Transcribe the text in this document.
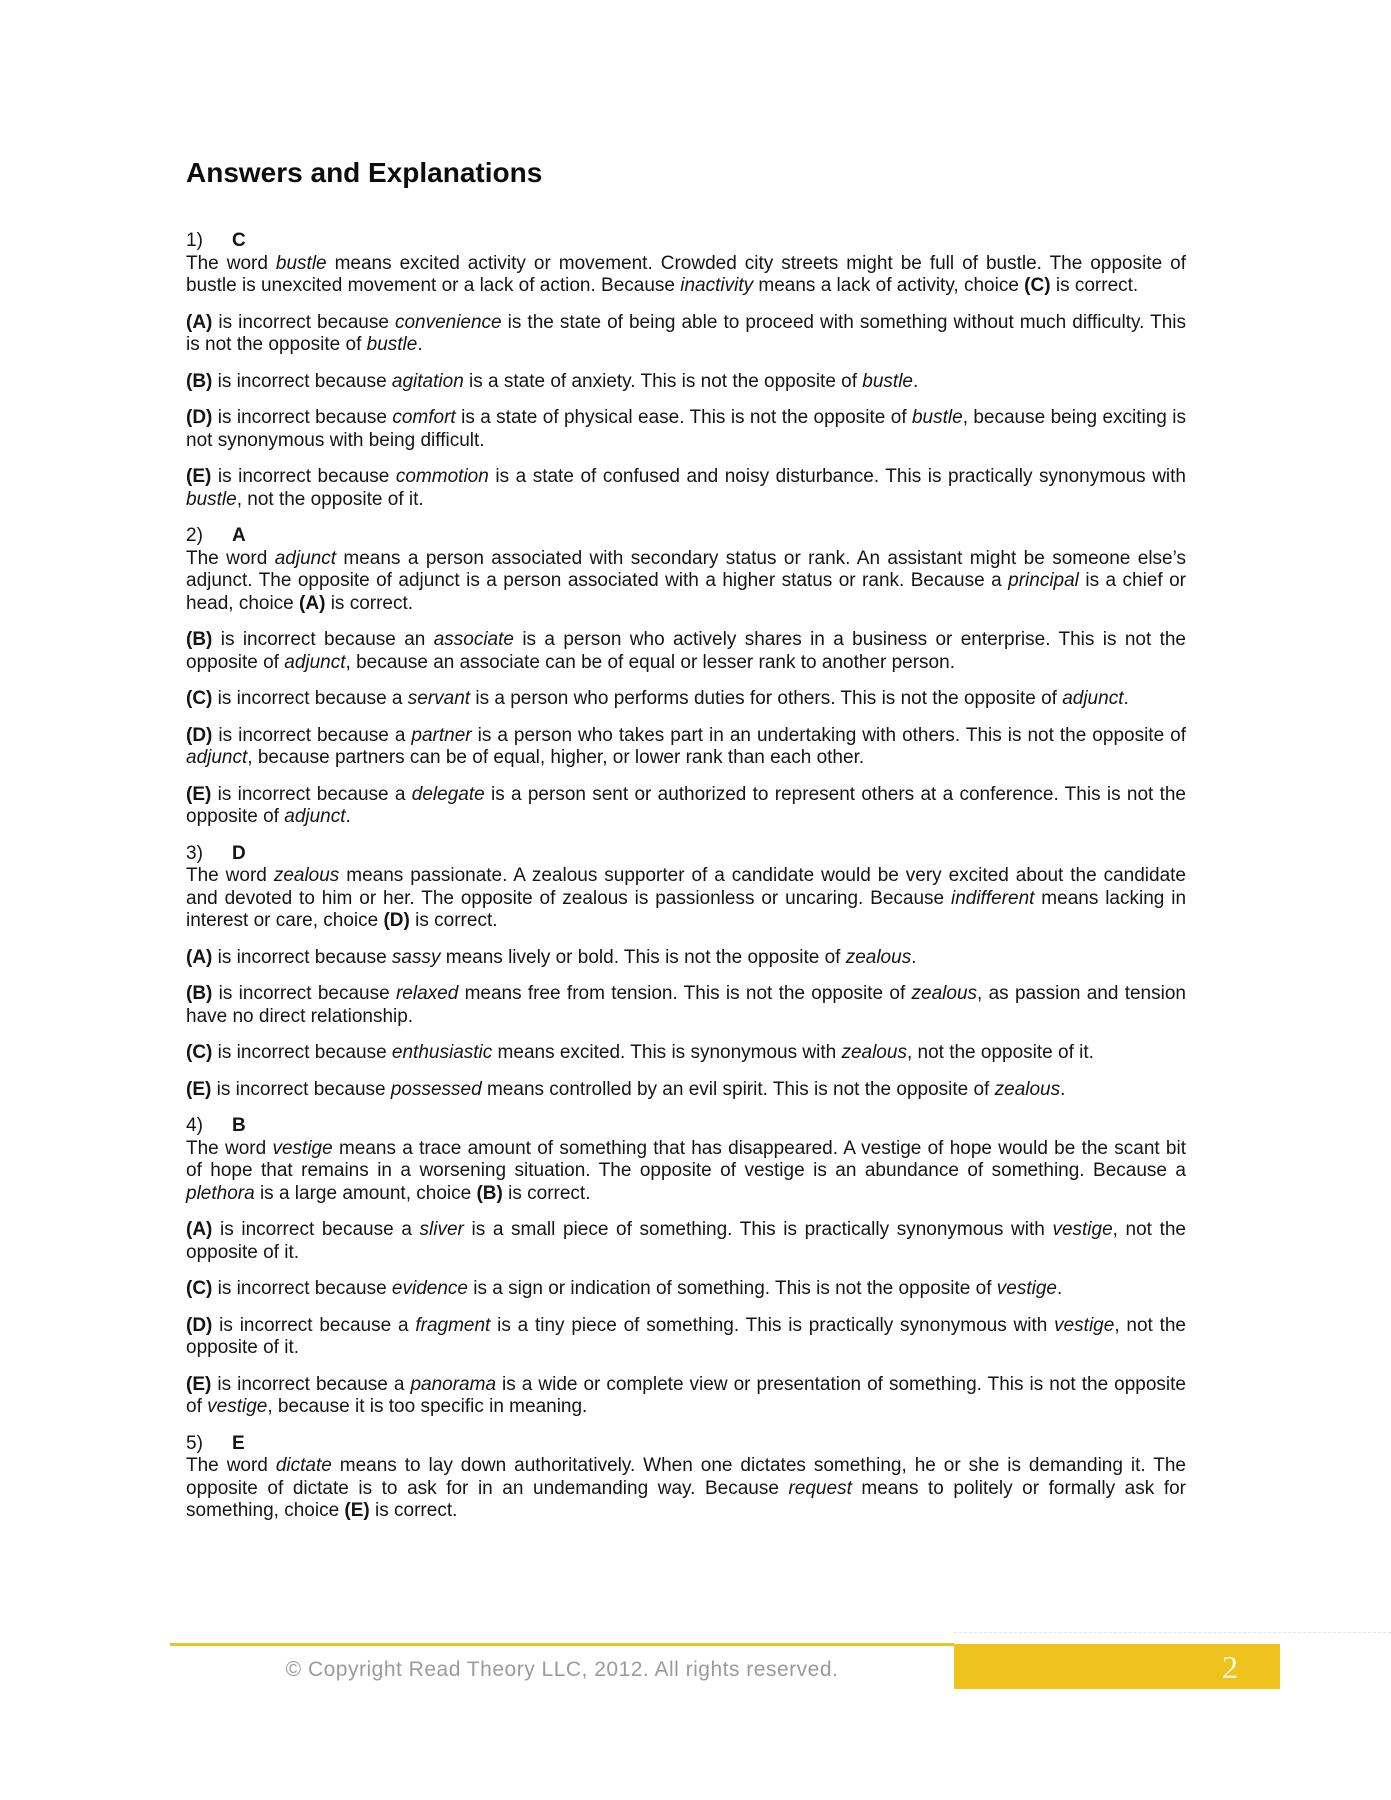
Answers and Explanations
1) C

The word bustle means excited activity or movement. Crowded city streets might be full of bustle. The opposite of bustle is unexcited movement or a lack of action. Because inactivity means a lack of activity, choice (C) is correct.

(A) is incorrect because convenience is the state of being able to proceed with something without much difficulty. This is not the opposite of bustle.

(B) is incorrect because agitation is a state of anxiety. This is not the opposite of bustle.

(D) is incorrect because comfort is a state of physical ease. This is not the opposite of bustle, because being exciting is not synonymous with being difficult.

(E) is incorrect because commotion is a state of confused and noisy disturbance. This is practically synonymous with bustle, not the opposite of it.

2) A

The word adjunct means a person associated with secondary status or rank. An assistant might be someone else’s adjunct. The opposite of adjunct is a person associated with a higher status or rank. Because a principal is a chief or head, choice (A) is correct.

(B) is incorrect because an associate is a person who actively shares in a business or enterprise. This is not the opposite of adjunct, because an associate can be of equal or lesser rank to another person.

(C) is incorrect because a servant is a person who performs duties for others. This is not the opposite of adjunct.

(D) is incorrect because a partner is a person who takes part in an undertaking with others. This is not the opposite of adjunct, because partners can be of equal, higher, or lower rank than each other.

(E) is incorrect because a delegate is a person sent or authorized to represent others at a conference. This is not the opposite of adjunct.

3) D

The word zealous means passionate. A zealous supporter of a candidate would be very excited about the candidate and devoted to him or her. The opposite of zealous is passionless or uncaring. Because indifferent means lacking in interest or care, choice (D) is correct.

(A) is incorrect because sassy means lively or bold. This is not the opposite of zealous.

(B) is incorrect because relaxed means free from tension. This is not the opposite of zealous, as passion and tension have no direct relationship.

(C) is incorrect because enthusiastic means excited. This is synonymous with zealous, not the opposite of it.

(E) is incorrect because possessed means controlled by an evil spirit. This is not the opposite of zealous.

4) B

The word vestige means a trace amount of something that has disappeared. A vestige of hope would be the scant bit of hope that remains in a worsening situation. The opposite of vestige is an abundance of something. Because a plethora is a large amount, choice (B) is correct.

(A) is incorrect because a sliver is a small piece of something. This is practically synonymous with vestige, not the opposite of it.

(C) is incorrect because evidence is a sign or indication of something. This is not the opposite of vestige.

(D) is incorrect because a fragment is a tiny piece of something. This is practically synonymous with vestige, not the opposite of it.

(E) is incorrect because a panorama is a wide or complete view or presentation of something. This is not the opposite of vestige, because it is too specific in meaning.

5) E

The word dictate means to lay down authoritatively. When one dictates something, he or she is demanding it. The opposite of dictate is to ask for in an undemanding way. Because request means to politely or formally ask for something, choice (E) is correct.

© Copyright Read Theory LLC, 2012. All rights reserved.	2
